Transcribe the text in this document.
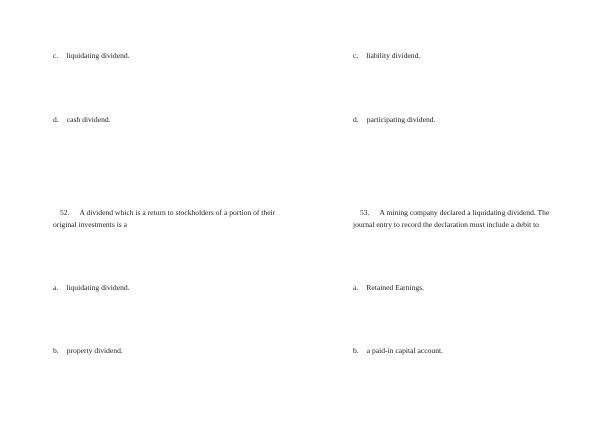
c. liquidating dividend.
d. cash dividend.
52. A dividend which is a return to stockholders of a portion of their original investments is a
a. liquidating dividend.
b. property dividend.
c. liability dividend.
d. participating dividend.
53. A mining company declared a liquidating dividend. The journal entry to record the declaration must include a debit to
a. Retained Earnings.
b. a paid-in capital account.
